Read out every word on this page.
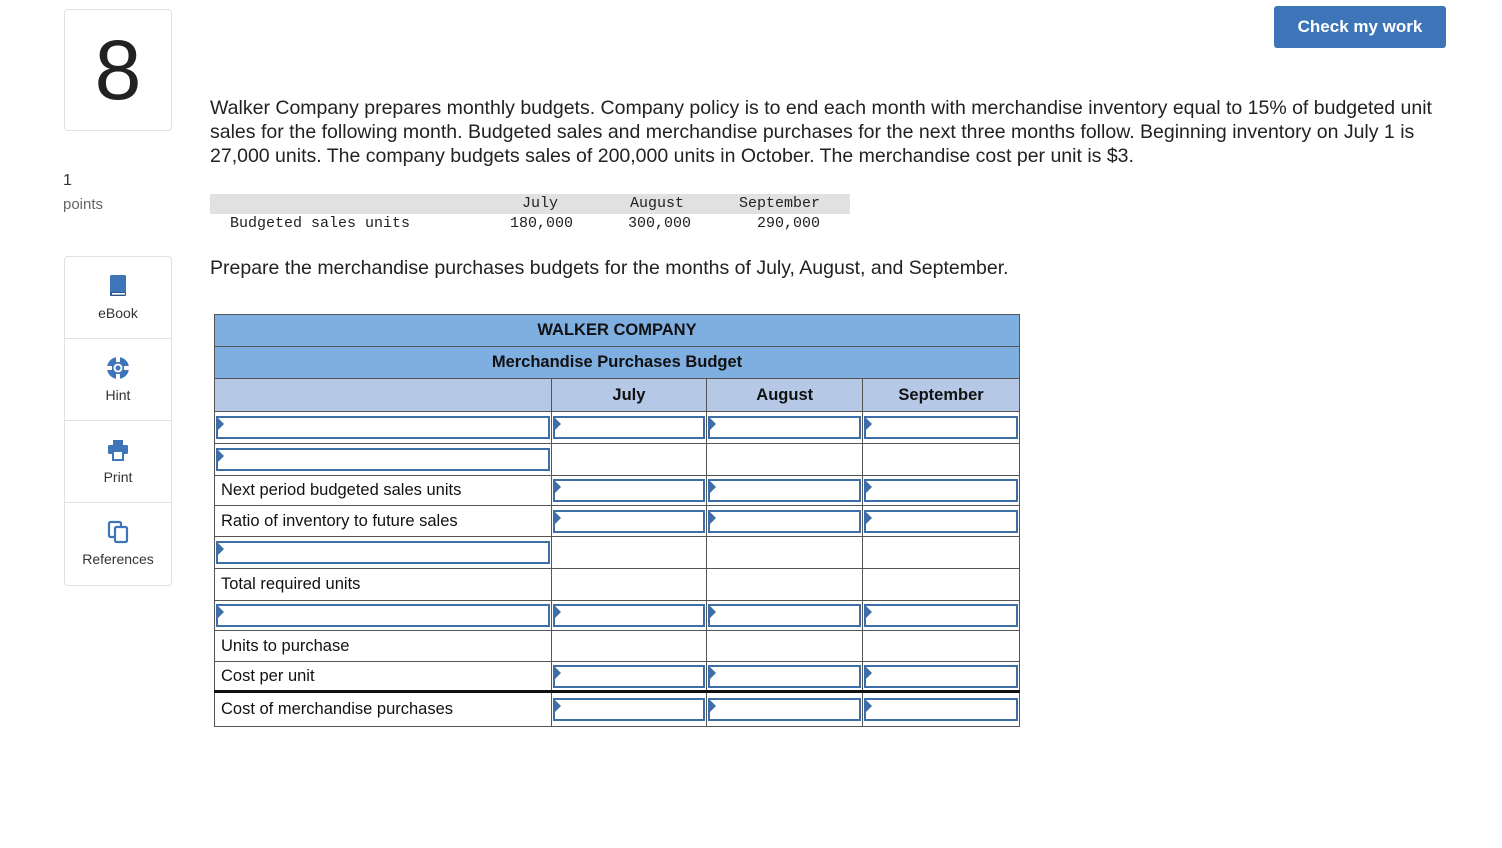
8
1
points
eBook
Hint
Print
References
Check my work
Walker Company prepares monthly budgets. Company policy is to end each month with merchandise inventory equal to 15% of budgeted unit sales for the following month. Budgeted sales and merchandise purchases for the next three months follow. Beginning inventory on July 1 is 27,000 units. The company budgets sales of 200,000 units in October. The merchandise cost per unit is $3.
July	August	September
Budgeted sales units	180,000	300,000	290,000
Prepare the merchandise purchases budgets for the months of July, August, and September.
WALKER COMPANY			
Merchandise Purchases Budget			
	July	August	September

Next period budgeted sales units	

Ratio of inventory to future sales	

Total required units			

Units to purchase			
Cost per unit	

Cost of merchandise purchases	
